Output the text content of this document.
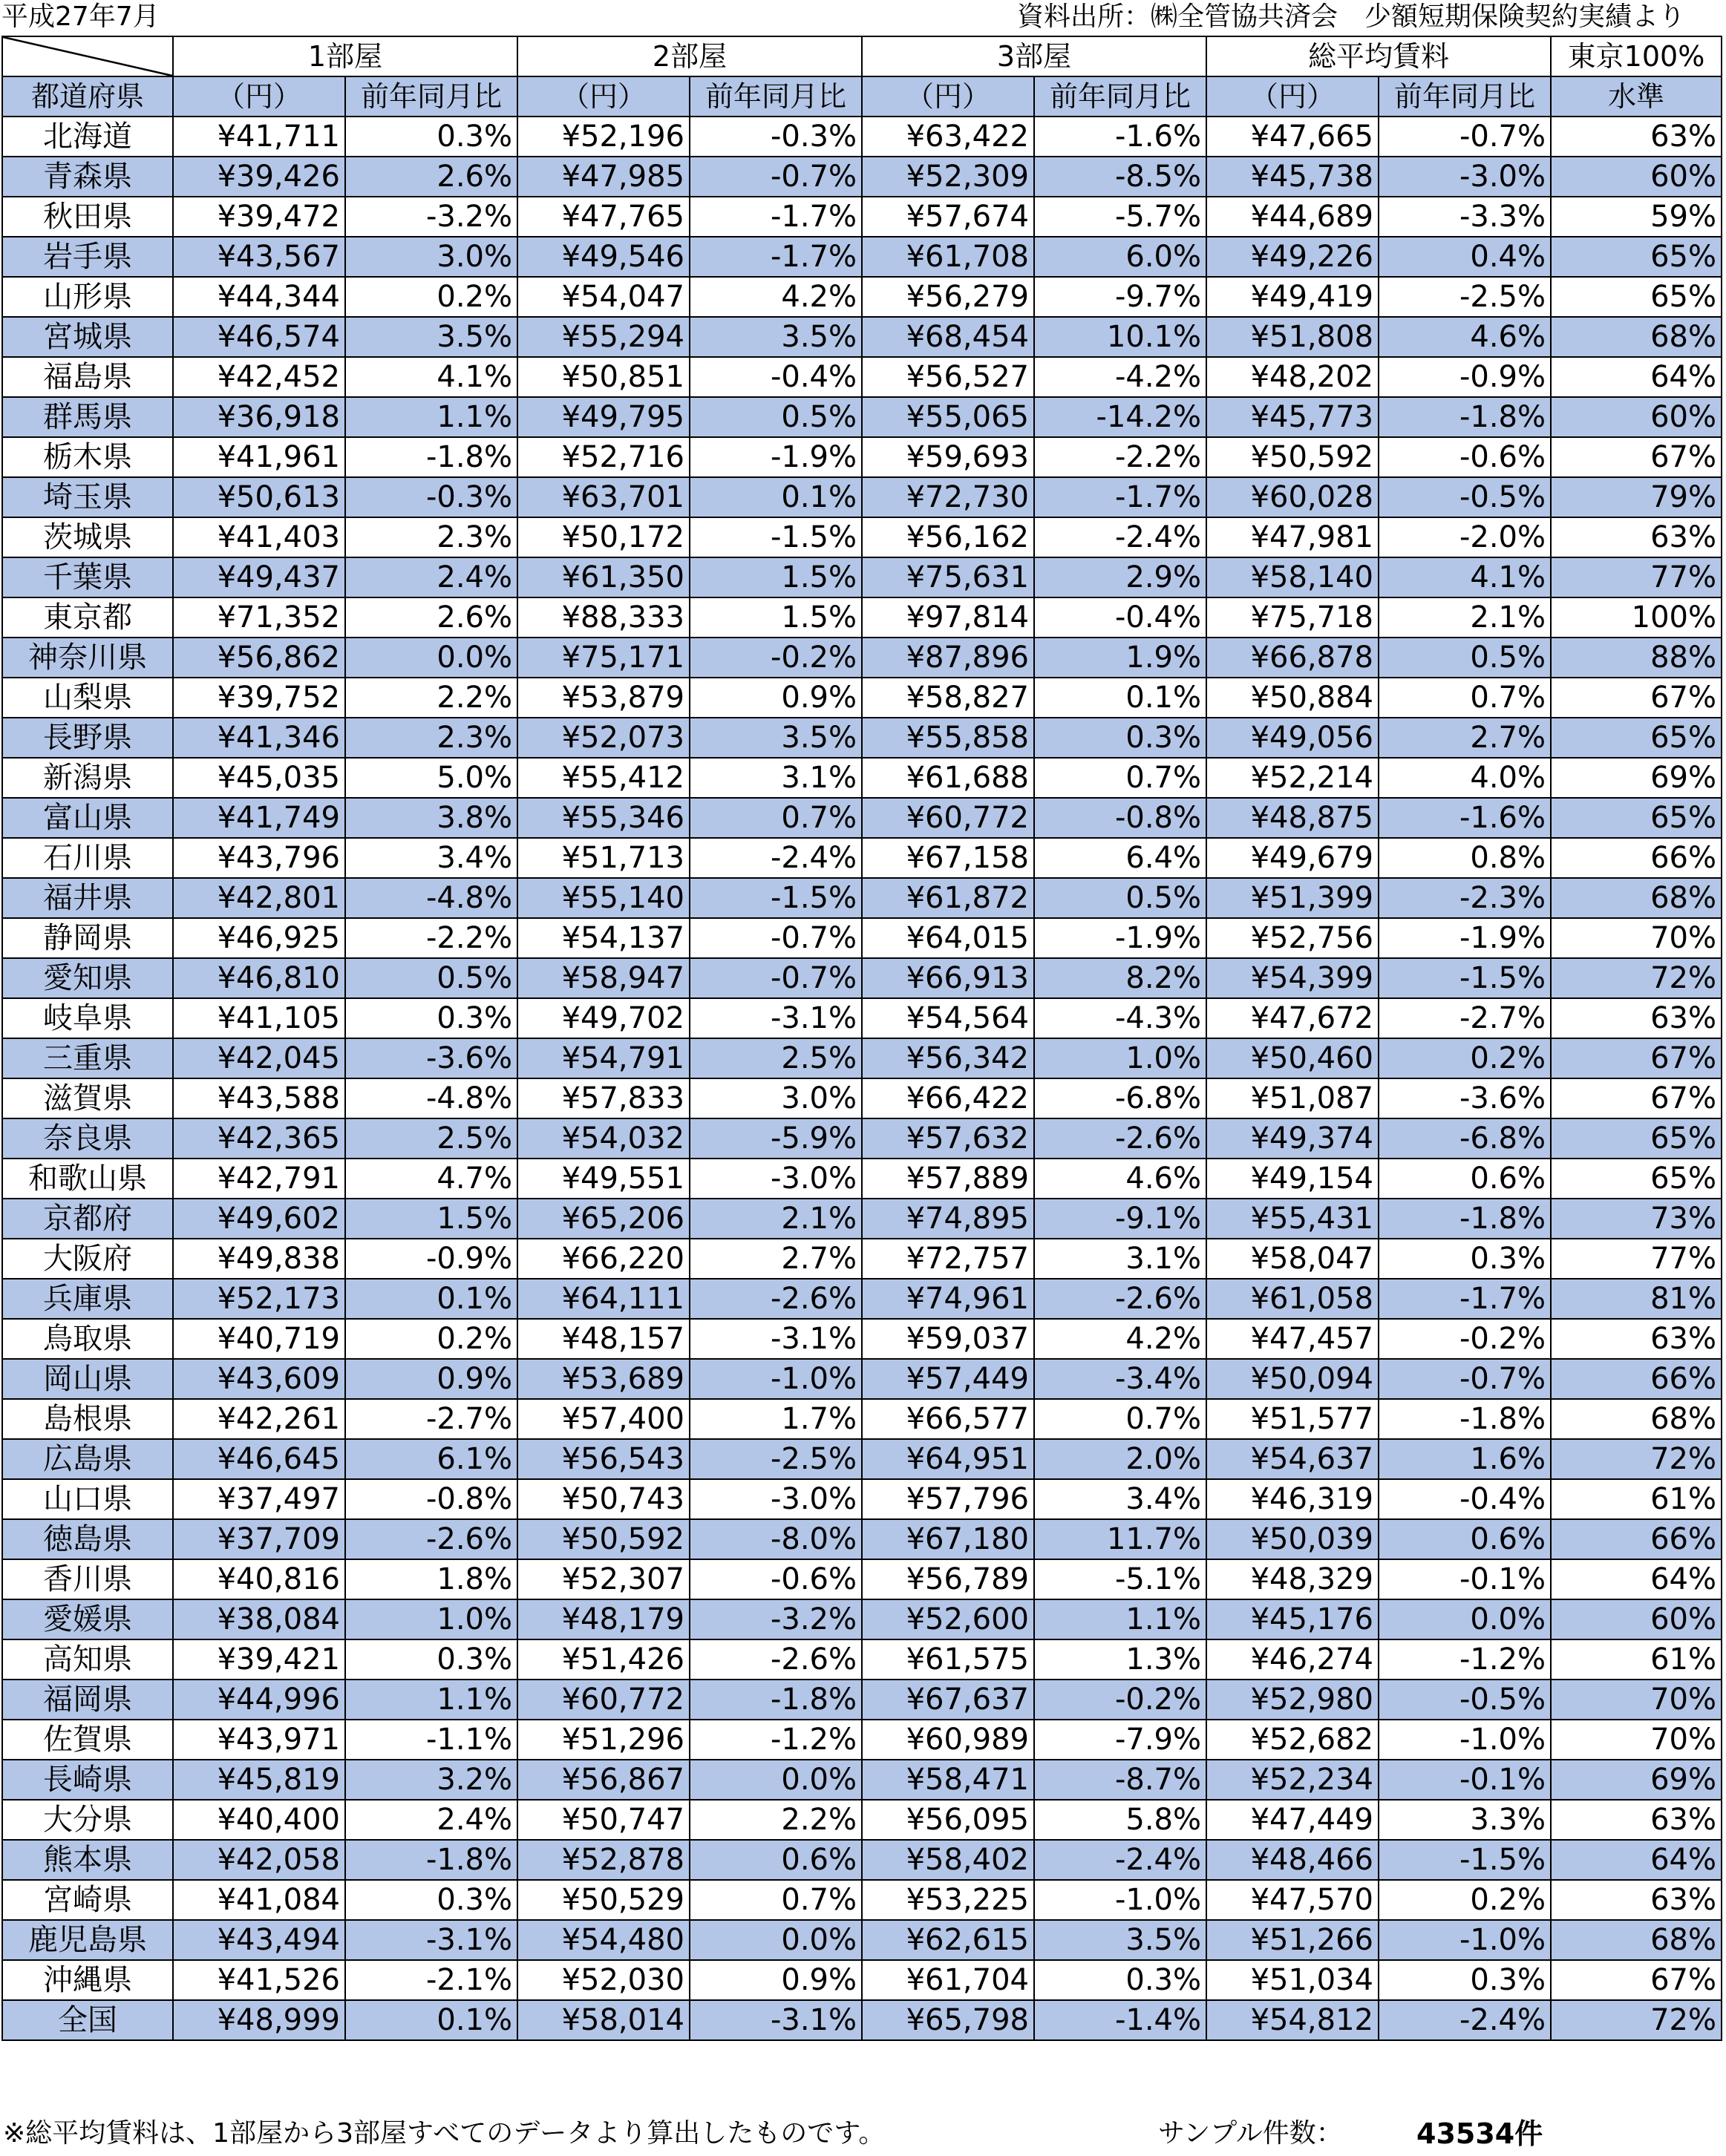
平成27年7月	資料出所：㈱全管協共済会　少額短期保険契約実績より
	1部屋		2部屋		3部屋		総平均賃料		東京100%
都道府県	（円）	前年同月比	（円）	前年同月比	（円）	前年同月比	（円）	前年同月比	水準
北海道	¥41,711	0.3%	¥52,196	-0.3%	¥63,422	-1.6%	¥47,665	-0.7%	63%
青森県	¥39,426	2.6%	¥47,985	-0.7%	¥52,309	-8.5%	¥45,738	-3.0%	60%
秋田県	¥39,472	-3.2%	¥47,765	-1.7%	¥57,674	-5.7%	¥44,689	-3.3%	59%
岩手県	¥43,567	3.0%	¥49,546	-1.7%	¥61,708	6.0%	¥49,226	0.4%	65%
山形県	¥44,344	0.2%	¥54,047	4.2%	¥56,279	-9.7%	¥49,419	-2.5%	65%
宮城県	¥46,574	3.5%	¥55,294	3.5%	¥68,454	10.1%	¥51,808	4.6%	68%
福島県	¥42,452	4.1%	¥50,851	-0.4%	¥56,527	-4.2%	¥48,202	-0.9%	64%
群馬県	¥36,918	1.1%	¥49,795	0.5%	¥55,065	-14.2%	¥45,773	-1.8%	60%
栃木県	¥41,961	-1.8%	¥52,716	-1.9%	¥59,693	-2.2%	¥50,592	-0.6%	67%
埼玉県	¥50,613	-0.3%	¥63,701	0.1%	¥72,730	-1.7%	¥60,028	-0.5%	79%
茨城県	¥41,403	2.3%	¥50,172	-1.5%	¥56,162	-2.4%	¥47,981	-2.0%	63%
千葉県	¥49,437	2.4%	¥61,350	1.5%	¥75,631	2.9%	¥58,140	4.1%	77%
東京都	¥71,352	2.6%	¥88,333	1.5%	¥97,814	-0.4%	¥75,718	2.1%	100%
神奈川県	¥56,862	0.0%	¥75,171	-0.2%	¥87,896	1.9%	¥66,878	0.5%	88%
山梨県	¥39,752	2.2%	¥53,879	0.9%	¥58,827	0.1%	¥50,884	0.7%	67%
長野県	¥41,346	2.3%	¥52,073	3.5%	¥55,858	0.3%	¥49,056	2.7%	65%
新潟県	¥45,035	5.0%	¥55,412	3.1%	¥61,688	0.7%	¥52,214	4.0%	69%
富山県	¥41,749	3.8%	¥55,346	0.7%	¥60,772	-0.8%	¥48,875	-1.6%	65%
石川県	¥43,796	3.4%	¥51,713	-2.4%	¥67,158	6.4%	¥49,679	0.8%	66%
福井県	¥42,801	-4.8%	¥55,140	-1.5%	¥61,872	0.5%	¥51,399	-2.3%	68%
静岡県	¥46,925	-2.2%	¥54,137	-0.7%	¥64,015	-1.9%	¥52,756	-1.9%	70%
愛知県	¥46,810	0.5%	¥58,947	-0.7%	¥66,913	8.2%	¥54,399	-1.5%	72%
岐阜県	¥41,105	0.3%	¥49,702	-3.1%	¥54,564	-4.3%	¥47,672	-2.7%	63%
三重県	¥42,045	-3.6%	¥54,791	2.5%	¥56,342	1.0%	¥50,460	0.2%	67%
滋賀県	¥43,588	-4.8%	¥57,833	3.0%	¥66,422	-6.8%	¥51,087	-3.6%	67%
奈良県	¥42,365	2.5%	¥54,032	-5.9%	¥57,632	-2.6%	¥49,374	-6.8%	65%
和歌山県	¥42,791	4.7%	¥49,551	-3.0%	¥57,889	4.6%	¥49,154	0.6%	65%
京都府	¥49,602	1.5%	¥65,206	2.1%	¥74,895	-9.1%	¥55,431	-1.8%	73%
大阪府	¥49,838	-0.9%	¥66,220	2.7%	¥72,757	3.1%	¥58,047	0.3%	77%
兵庫県	¥52,173	0.1%	¥64,111	-2.6%	¥74,961	-2.6%	¥61,058	-1.7%	81%
鳥取県	¥40,719	0.2%	¥48,157	-3.1%	¥59,037	4.2%	¥47,457	-0.2%	63%
岡山県	¥43,609	0.9%	¥53,689	-1.0%	¥57,449	-3.4%	¥50,094	-0.7%	66%
島根県	¥42,261	-2.7%	¥57,400	1.7%	¥66,577	0.7%	¥51,577	-1.8%	68%
広島県	¥46,645	6.1%	¥56,543	-2.5%	¥64,951	2.0%	¥54,637	1.6%	72%
山口県	¥37,497	-0.8%	¥50,743	-3.0%	¥57,796	3.4%	¥46,319	-0.4%	61%
徳島県	¥37,709	-2.6%	¥50,592	-8.0%	¥67,180	11.7%	¥50,039	0.6%	66%
香川県	¥40,816	1.8%	¥52,307	-0.6%	¥56,789	-5.1%	¥48,329	-0.1%	64%
愛媛県	¥38,084	1.0%	¥48,179	-3.2%	¥52,600	1.1%	¥45,176	0.0%	60%
高知県	¥39,421	0.3%	¥51,426	-2.6%	¥61,575	1.3%	¥46,274	-1.2%	61%
福岡県	¥44,996	1.1%	¥60,772	-1.8%	¥67,637	-0.2%	¥52,980	-0.5%	70%
佐賀県	¥43,971	-1.1%	¥51,296	-1.2%	¥60,989	-7.9%	¥52,682	-1.0%	70%
長崎県	¥45,819	3.2%	¥56,867	0.0%	¥58,471	-8.7%	¥52,234	-0.1%	69%
大分県	¥40,400	2.4%	¥50,747	2.2%	¥56,095	5.8%	¥47,449	3.3%	63%
熊本県	¥42,058	-1.8%	¥52,878	0.6%	¥58,402	-2.4%	¥48,466	-1.5%	64%
宮崎県	¥41,084	0.3%	¥50,529	0.7%	¥53,225	-1.0%	¥47,570	0.2%	63%
鹿児島県	¥43,494	-3.1%	¥54,480	0.0%	¥62,615	3.5%	¥51,266	-1.0%	68%
沖縄県	¥41,526	-2.1%	¥52,030	0.9%	¥61,704	0.3%	¥51,034	0.3%	67%
全国	¥48,999	0.1%	¥58,014	-3.1%	¥65,798	-1.4%	¥54,812	-2.4%	72%
※総平均賃料は、1部屋から3部屋すべてのデータより算出したものです。	サンプル件数：	43534件
